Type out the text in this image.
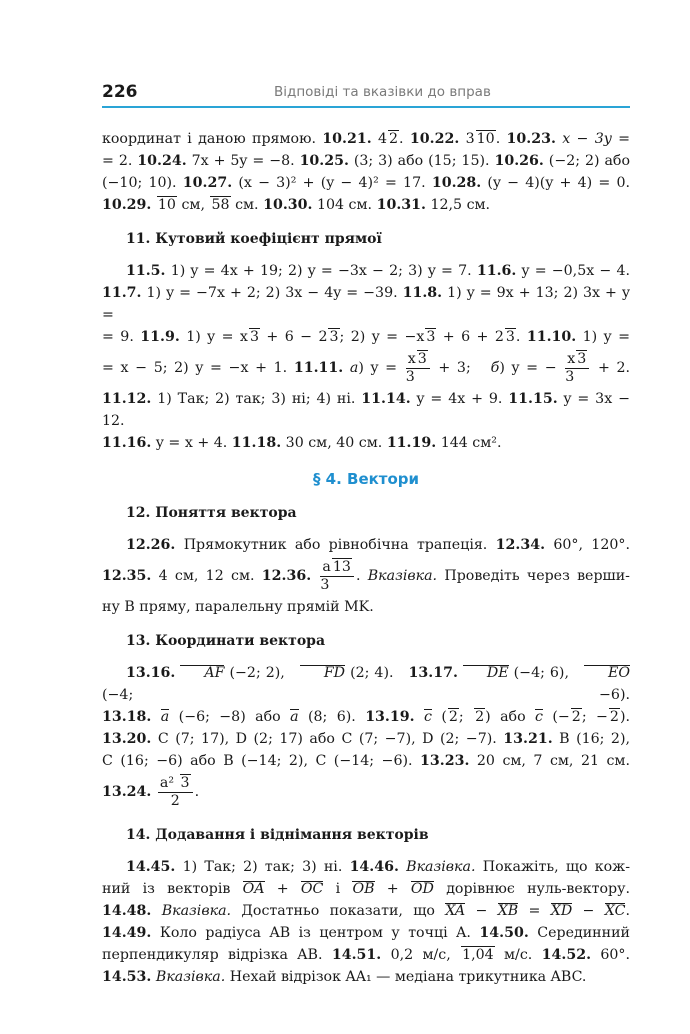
226	Відповіді та вказівки до вправ

координат і даною прямою. 10.21. 4 2. 10.22. 3 10. 10.23. x − 3y =

= 2. 10.24. 7x + 5y = −8. 10.25. (3; 3) або (15; 15). 10.26. (−2; 2) або

(−10; 10). 10.27. (x − 3)² + (y − 4)² = 17. 10.28. (y − 4)(y + 4) = 0.

10.29. 10 см, 58 см. 10.30. 104 см. 10.31. 12,5 см.

11. Кутовий коефіцієнт прямої

11.5. 1) y = 4x + 19; 2) y = −3x − 2; 3) y = 7. 11.6. y = −0,5x − 4.

11.7. 1) y = −7x + 2; 2) 3x − 4y = −39. 11.8. 1) y = 9x + 13; 2) 3x + y =

= 9. 11.9. 1) y = x 3 + 6 − 2 3; 2) y = −x 3 + 6 + 2 3. 11.10. 1) y =

= x − 5; 2) y = −x + 1. 11.11. а) $y = \frac{x 3}{3} + 3$;   б) y = − $\frac{x 3}{3} + 2$.

11.12. 1) Так; 2) так; 3) ні; 4) ні. 11.14. y = 4x + 9. 11.15. y = 3x − 12.

11.16. y = x + 4. 11.18. 30 см, 40 см. 11.19. 144 см².

§ 4. Вектори
12. Поняття вектора

12.26. Прямокутник або рівнобічна трапеція. 12.34. 60°, 120°.

12.35. 4 см, 12 см. 12.36. $\frac{a 13}{3}$ . Вказівка. Проведіть через верши-

ну B пряму, паралельну прямій MK.

13. Координати вектора

13.16. AF (−2; 2),   FD (2; 4).   13.17. DE (−4; 6),   EO (−4; −6).

13.18. a (−6; −8) або a (8; 6). 13.19. c ( 2; 2) або c (− 2; − 2).

13.20. C (7; 17), D (2; 17) або C (7; −7), D (2; −7). 13.21. B (16; 2),

C (16; −6) або B (−14; 2), C (−14; −6). 13.23. 20 см, 7 см, 21 см.

13.24. $\frac{\text{a² 3}}{2}$ .

14. Додавання і віднімання векторів

14.45. 1) Так; 2) так; 3) ні. 14.46. Вказівка. Покажіть, що кож-

ний із векторів OA + OC і OB + OD дорівнює нуль-вектору.

14.48. Вказівка. Достатньо показати, що XA − XB = XD − XC.

14.49. Коло радіуса AB із центром у точці A. 14.50. Серединний

перпендикуляр відрізка AB. 14.51. 0,2 м/с, 1,04 м/с. 14.52. 60°.

14.53. Вказівка. Нехай відрізок AA₁ — медіана трикутника ABC.
